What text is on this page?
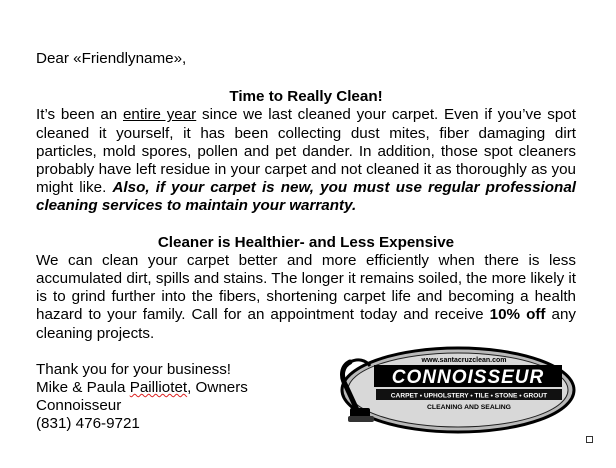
Dear «Friendlyname»,

Time to Really Clean!

It’s been an entire year since we last cleaned your carpet. Even if you’ve spot cleaned it yourself, it has been collecting dust mites, fiber damaging dirt particles, mold spores, pollen and pet dander. In addition, those spot cleaners probably have left residue in your carpet and not cleaned it as thoroughly as you might like. Also, if your carpet is new, you must use regular professional cleaning services to maintain your warranty.

Cleaner is Healthier- and Less Expensive

We can clean your carpet better and more efficiently when there is less accumulated dirt, spills and stains. The longer it remains soiled, the more likely it is to grind further into the fibers, shortening carpet life and becoming a health hazard to your family. Call for an appointment today and receive 10% off any cleaning projects.

Thank you for your business!

Mike & Paula Pailliotet, Owners

Connoisseur

(831) 476-9721

www.santacruzclean.com
CONNOISSEUR
CARPET • UPHOLSTERY • TILE • STONE • GROUT
CLEANING AND SEALING
